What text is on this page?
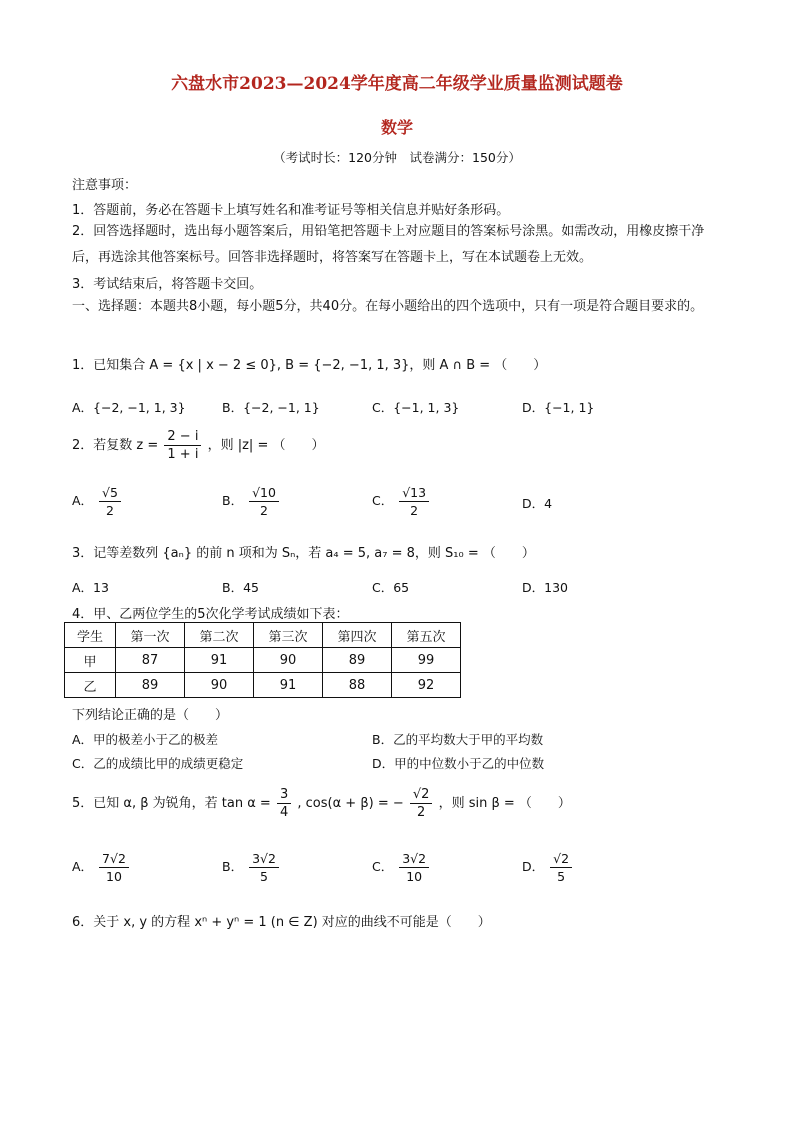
六盘水市2023—2024学年度高二年级学业质量监测试题卷
数学
（考试时长：120分钟　试卷满分：150分）
注意事项：
1．答题前，务必在答题卡上填写姓名和准考证号等相关信息并贴好条形码。
2．回答选择题时，选出每小题答案后，用铅笔把答题卡上对应题目的答案标号涂黑。如需改动，用橡皮擦干净后，再选涂其他答案标号。回答非选择题时，将答案写在答题卡上，写在本试题卷上无效。
3．考试结束后，将答题卡交回。
一、选择题：本题共8小题，每小题5分，共40分。在每小题给出的四个选项中，只有一项是符合题目要求的。
1．已知集合 A = {x | x − 2 ≤ 0}, B = {−2, −1, 1, 3}，则 A ∩ B = （　　）
A．{−2, −1, 1, 3}	B．{−2, −1, 1}	C．{−1, 1, 3}	D．{−1, 1}
2．若复数 $z = \frac{2 - i}{1 + i}$ ，则 |z| = （　　）
A． $\frac{√5}{2}$	B． $\frac{√10}{2}$	C． $\frac{√13}{2}$	D．4
3．记等差数列 {aₙ} 的前 n 项和为 Sₙ，若 a₄ = 5, a₇ = 8，则 S₁₀ = （　　）
A．13	B．45	C．65	D．130
4．甲、乙两位学生的5次化学考试成绩如下表：
学生	第一次	第二次	第三次	第四次	第五次
甲	87	91	90	89	99
乙	89	90	91	88	92
下列结论正确的是（　　）
A．甲的极差小于乙的极差	B．乙的平均数大于甲的平均数
C．乙的成绩比甲的成绩更稳定	D．甲的中位数小于乙的中位数
5．已知 α, β 为锐角，若 $\tan \alpha = \frac{3}{4}$ , cos(α + β) = − $\frac{√2}{2}$ ，则 sin β = （　　）
A． $\frac{7√2}{10}$	B． $\frac{3√2}{5}$	C． $\frac{3√2}{10}$	D． $\frac{√2}{5}$
6．关于 x, y 的方程 xⁿ + yⁿ = 1 (n ∈ Z) 对应的曲线不可能是（　　）
